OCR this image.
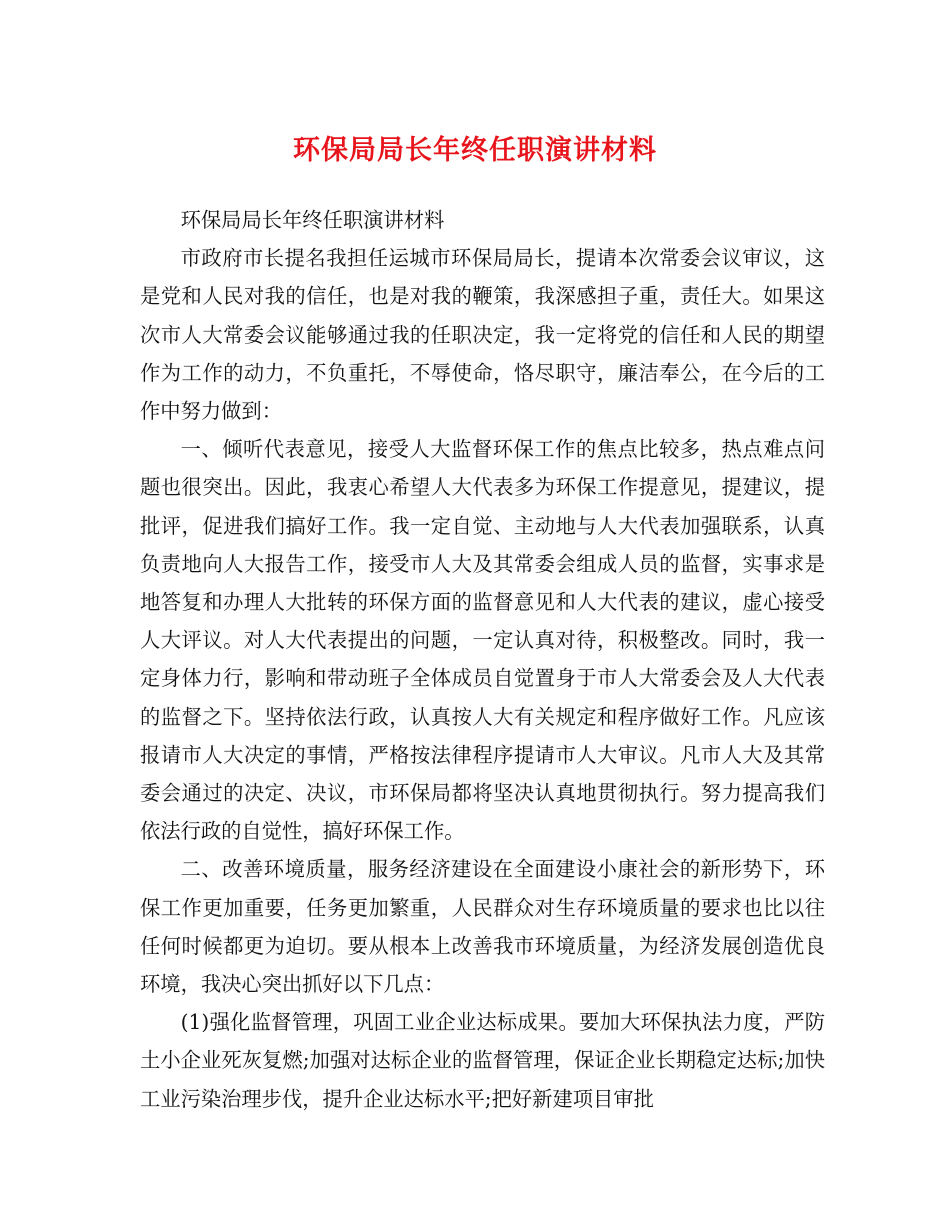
环保局局长年终任职演讲材料

环保局局长年终任职演讲材料

市政府市长提名我担任运城市环保局局长，提请本次常委会议审议，这是党和人民对我的信任，也是对我的鞭策，我深感担子重，责任大。如果这次市人大常委会议能够通过我的任职决定，我一定将党的信任和人民的期望作为工作的动力，不负重托，不辱使命，恪尽职守，廉洁奉公，在今后的工作中努力做到：

一、倾听代表意见，接受人大监督环保工作的焦点比较多，热点难点问题也很突出。因此，我衷心希望人大代表多为环保工作提意见，提建议，提批评，促进我们搞好工作。我一定自觉、主动地与人大代表加强联系，认真负责地向人大报告工作，接受市人大及其常委会组成人员的监督，实事求是地答复和办理人大批转的环保方面的监督意见和人大代表的建议，虚心接受人大评议。对人大代表提出的问题，一定认真对待，积极整改。同时，我一定身体力行，影响和带动班子全体成员自觉置身于市人大常委会及人大代表的监督之下。坚持依法行政，认真按人大有关规定和程序做好工作。凡应该报请市人大决定的事情，严格按法律程序提请市人大审议。凡市人大及其常委会通过的决定、决议，市环保局都将坚决认真地贯彻执行。努力提高我们依法行政的自觉性，搞好环保工作。

二、改善环境质量，服务经济建设在全面建设小康社会的新形势下，环保工作更加重要，任务更加繁重，人民群众对生存环境质量的要求也比以往任何时候都更为迫切。要从根本上改善我市环境质量，为经济发展创造优良环境，我决心突出抓好以下几点：

(1)强化监督管理，巩固工业企业达标成果。要加大环保执法力度，严防土小企业死灰复燃;加强对达标企业的监督管理，保证企业长期稳定达标;加快工业污染治理步伐，提升企业达标水平;把好新建项目审批
